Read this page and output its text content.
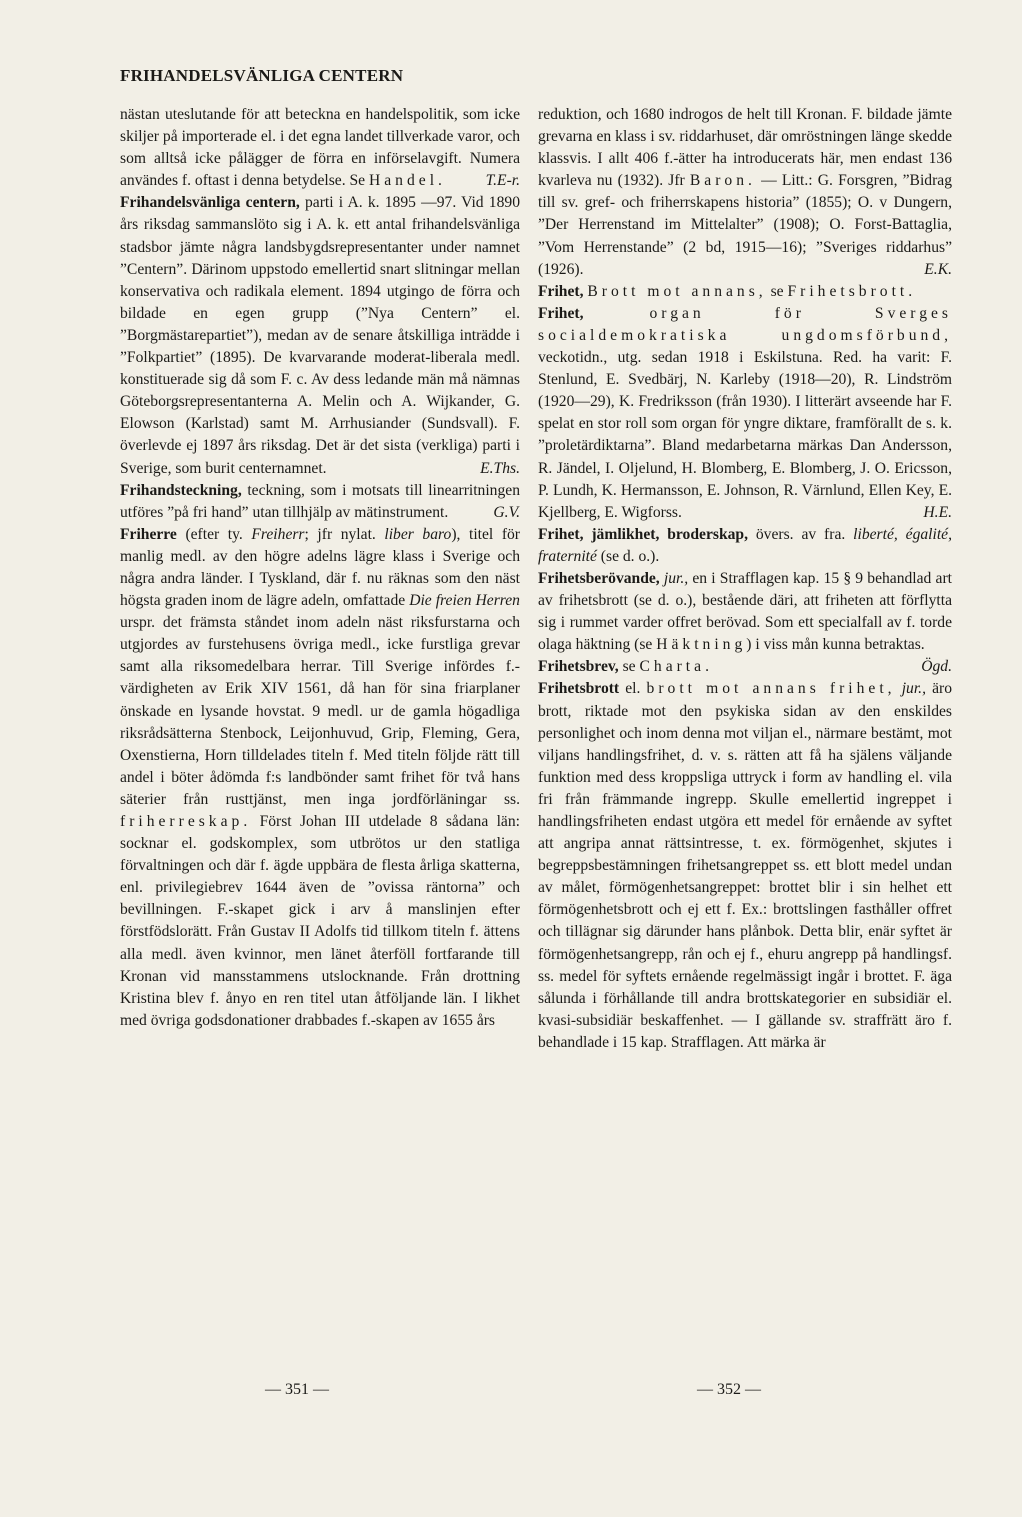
FRIHANDELSVÄNLIGA CENTERN

nästan uteslutande för att beteckna en handelspolitik, som icke skiljer på importerade el. i det egna landet tillverkade varor, och som alltså icke pålägger de förra en införselavgift. Numera användes f. oftast i denna betydelse. Se Handel.	T.E-r.

Frihandelsvänliga centern, parti i A. k. 1895 —97. Vid 1890 års riksdag sammanslöto sig i A. k. ett antal frihandelsvänliga stadsbor jämte några landsbygdsrepresentanter under namnet ”Centern”. Därinom uppstodo emellertid snart slitningar mellan konservativa och radikala element. 1894 utgingo de förra och bildade en egen grupp (”Nya Centern” el. ”Borgmästarepartiet”), medan av de senare åtskilliga inträdde i ”Folkpartiet” (1895). De kvarvarande moderat-liberala medl. konstituerade sig då som F. c. Av dess ledande män må nämnas Göteborgsrepresentanterna A. Melin och A. Wijkander, G. Elowson (Karlstad) samt M. Arrhusiander (Sundsvall). F. överlevde ej 1897 års riksdag. Det är det sista (verkliga) parti i Sverige, som burit centernamnet.	E.Ths.

Frihandsteckning, teckning, som i motsats till linearritningen utföres ”på fri hand” utan tillhjälp av mätinstrument.	G.V.

Friherre (efter ty. Freiherr; jfr nylat. liber baro), titel för manlig medl. av den högre adelns lägre klass i Sverige och några andra länder. I Tyskland, där f. nu räknas som den näst högsta graden inom de lägre adeln, omfattade Die freien Herren urspr. det främsta ståndet inom adeln näst riksfurstarna och utgjordes av furstehusens övriga medl., icke furstliga grevar samt alla riksomedelbara herrar. Till Sverige infördes f.-värdigheten av Erik XIV 1561, då han för sina friarplaner önskade en lysande hovstat. 9 medl. ur de gamla högadliga riksrådsätterna Stenbock, Leijonhuvud, Grip, Fleming, Gera, Oxenstierna, Horn tilldelades titeln f. Med titeln följde rätt till andel i böter ådömda f:s landbönder samt frihet för två hans säterier från rusttjänst, men inga jordförläningar ss. friherreskap. Först Johan III utdelade 8 sådana län: socknar el. godskomplex, som utbrötos ur den statliga förvaltningen och där f. ägde uppbära de flesta årliga skatterna, enl. privilegiebrev 1644 även de ”ovissa räntorna” och bevillningen. F.-skapet gick i arv å manslinjen efter förstfödslorätt. Från Gustav II Adolfs tid tillkom titeln f. ättens alla medl. även kvinnor, men länet återföll fortfarande till Kronan vid mansstammens utslocknande. Från drottning Kristina blev f. ånyo en ren titel utan åtföljande län. I likhet med övriga godsdonationer drabbades f.-skapen av 1655 års

reduktion, och 1680 indrogos de helt till Kronan. F. bildade jämte grevarna en klass i sv. riddarhuset, där omröstningen länge skedde klassvis. I allt 406 f.-ätter ha introducerats här, men endast 136 kvarleva nu (1932). Jfr Baron. — Litt.: G. Forsgren, ”Bidrag till sv. gref- och friherrskapens historia” (1855); O. v Dungern, ”Der Herrenstand im Mittelalter” (1908); O. Forst-Battaglia, ”Vom Herrenstande” (2 bd, 1915—16); ”Sveriges riddarhus” (1926).	E.K.

Frihet, Brott mot annans, se Frihetsbrott.

Frihet,	organ för Sverges socialdemokratiska ungdomsförbund, veckotidn., utg. sedan 1918 i Eskilstuna. Red. ha varit: F. Stenlund, E. Svedbärj, N. Karleby (1918—20), R. Lindström (1920—29), K. Fredriksson (från 1930). I litterärt avseende har F. spelat en stor roll som organ för yngre diktare, framförallt de s. k. ”proletärdiktarna”. Bland medarbetarna märkas Dan Andersson, R. Jändel, I. Oljelund, H. Blomberg, E. Blomberg, J. O. Ericsson, P. Lundh, K. Hermansson, E. Johnson, R. Värnlund, Ellen Key, E. Kjellberg, E. Wigforss.	H.E.

Frihet, jämlikhet, broderskap, övers. av fra. liberté, égalité, fraternité (se d. o.).

Frihetsberövande, jur., en i Strafflagen kap. 15 § 9 behandlad art av frihetsbrott (se d. o.), bestående däri, att friheten att förflytta sig i rummet varder offret berövad. Som ett specialfall av f. torde olaga häktning (se Häktning) i viss mån kunna betraktas.
Ögd.

Frihetsbrev, se Charta.

Frihetsbrott el. brott mot annans frihet, jur., äro brott, riktade mot den psykiska sidan av den enskildes personlighet och inom denna mot viljan el., närmare bestämt, mot viljans handlingsfrihet, d. v. s. rätten att få ha själens väljande funktion med dess kroppsliga uttryck i form av handling el. vila fri från främmande ingrepp. Skulle emellertid ingreppet i handlingsfriheten endast utgöra ett medel för ernående av syftet att angripa annat rättsintresse, t. ex. förmögenhet, skjutes i begreppsbestämningen frihetsangreppet ss. ett blott medel undan av målet, förmögenhetsangreppet: brottet blir i sin helhet ett förmögenhetsbrott och ej ett f. Ex.: brottslingen fasthåller offret och tillägnar sig därunder hans plånbok. Detta blir, enär syftet är förmögenhetsangrepp, rån och ej f., ehuru angrepp på handlingsf. ss. medel för syftets ernående regelmässigt ingår i brottet. F. äga sålunda i förhållande till andra brottskategorier en subsidiär el. kvasi-subsidiär beskaffenhet. — I gällande sv. straffrätt äro f. behandlade i 15 kap. Strafflagen. Att märka är

— 351 —	— 352 —
